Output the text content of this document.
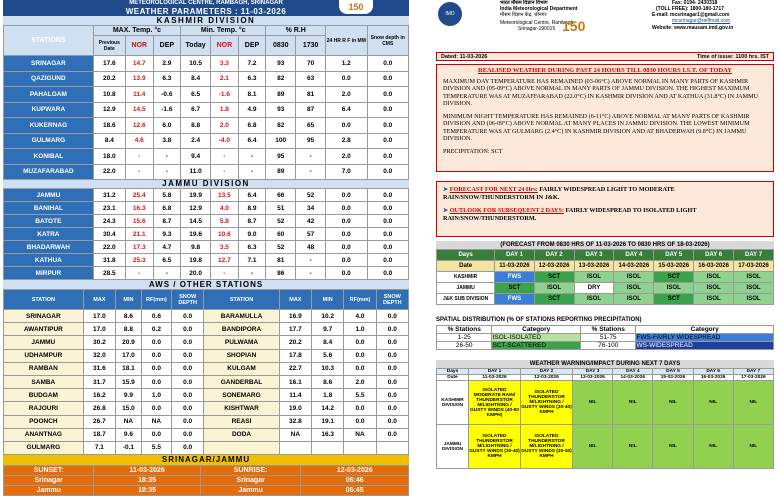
METEOROLOGICAL CENTRE, RAMBAGH, SRINAGAR
WEATHER PARAMETERS : 11-03-2026	150
KASHMIR DIVISION
STATIONS	MAX. Temp. °c			Min. Temp. °c			% R.H		24 HR R F in MM	Snow depth in CMS
	Previous Date	NOR	DEP	Today	NOR	DEP	0830	1730		
SRINAGAR	17.6	14.7	2.9	10.5	3.3	7.2	93	70	1.2	0.0
QAZIGUND	20.2	13.9	6.3	8.4	2.1	6.3	82	63	0.0	0.0
PAHALGAM	10.8	11.4	-0.6	6.5	-1.6	8.1	89	81	2.0	0.0
KUPWARA	12.9	14.5	-1.6	6.7	1.8	4.9	93	87	6.4	0.0
KUKERNAG	18.6	12.6	6.0	8.8	2.0	6.8	82	65	0.0	0.0
GULMARG	8.4	4.6	3.8	2.4	-4.0	6.4	100	95	2.8	0.0
KONIBAL	18.0	-	-	9.4	-	-	95	-	2.0	0.0
MUZAFARABAD	22.0	-	-	11.0	-	-	89	-	7.0	0.0
JAMMU DIVISION
JAMMU	31.2	25.4	5.8	19.9	13.5	6.4	66	52	0.0	0.0
BANIHAL	23.1	16.3	6.8	12.9	4.0	8.9	51	34	0.0	0.0
BATOTE	24.3	15.6	8.7	14.5	5.8	8.7	52	42	0.0	0.0
KATRA	30.4	21.1	9.3	19.6	10.6	9.0	60	57	0.0	0.0
BHADARWAH	22.0	17.3	4.7	9.8	3.5	6.3	52	48	0.0	0.0
KATHUA	31.8	25.3	6.5	19.8	12.7	7.1	81	-	0.0	0.0
MIRPUR	28.5	-	-	20.0	-	-	86	-	0.0	0.0
AWS / OTHER STATIONS
STATION	MAX	MIN	RF(mm)	SNOW DEPTH	STATION	MAX	MIN	RF(mm)	SNOW DEPTH
SRINAGAR	17.0	8.6	0.6	0.0	BARAMULLA	16.9	10.2	4.0	0.0
AWANTIPUR	17.0	8.8	0.2	0.0	BANDIPORA	17.7	9.7	1.0	0.0
JAMMU	30.2	20.9	0.0	0.0	PULWAMA	20.2	8.4	0.0	0.0
UDHAMPUR	32.0	17.0	0.0	0.0	SHOPIAN	17.8	5.6	0.0	0.0
RAMBAN	31.6	18.1	0.0	0.0	KULGAM	22.7	10.3	0.0	0.0
SAMBA	31.7	15.9	0.0	0.0	GANDERBAL	16.1	8.6	2.0	0.0
BUDGAM	16.2	9.9	1.0	0.0	SONEMARG	11.4	1.8	5.5	0.0
RAJOURI	26.8	15.0	0.0	0.0	KISHTWAR	19.0	14.2	0.0	0.0
POONCH	26.7	NA	NA	0.0	REASI	32.8	19.1	0.0	0.0
ANANTNAG	18.7	9.6	0.0	0.0	DODA	NA	16.3	NA	0.0
GULMARG	7.1	-0.1	5.5	0.0					
SRINAGAR/JAMMU
SUNSET:	11-03-2026	SUNRISE:	12-03-2026
Srinagar	18:35	Srinagar	06:46
Jammu	18:35	Jammu	06:45
IMD
भारत मौसम विज्ञान विभाग
India Meteorological Department
मौसम विज्ञान केंद्र, श्रीनगर
Meteorological Centre, Rambagh,
Srinagar-190015 150
Fax: 0194- 2430318
(TOLL FREE): 1800-180-1717
E-mail: mcsrinagar1@gmail.com
mcsrinagar@reiffmail.com
Website: www.mausam.imd.gov.in
Dated: 11-03-2026	Time of issue: 1100 hrs. IST
REALISED WEATHER DURING PAST 24 HOURS TILL 0830 HOURS I.S.T. OF TODAY

MAXIMUM DAY TEMPERATURE HAS REMAINED (03-06°C) ABOVE NORMAL IN MANY PARTS OF KASHMIR DIVISION AND (05-09°C) ABOVE NORMAL IN MANY PARTS OF JAMMU DIVISION. THE HIGHEST MAXIMUM TEMPERATURE WAS AT MUZAFFARABAD (22.0°C) IN KASHMIR DIVISION AND AT KATHUA (31.8°C) IN JAMMU DIVISION.

MINIMUM NIGHT TEMPERATURE HAS REMAINED (6-11°C) ABOVE NORMAL AT MANY PARTS OF KASHMIR DIVISION AND (06-09°C) ABOVE NORMAL AT MANY PLACES IN JAMMU DIVISION. THE LOWEST MINIMUM TEMPERATURE WAS AT GULMARG (2.4°C) IN KASHMIR DIVISION AND AT BHADERWAH (9.8°C) IN JAMMU DIVISION.

PRECIPITATION: SCT

➤ FORECAST FOR NEXT 24 Hrs: FAIRLY WIDESPREAD LIGHT TO MODERATE RAIN/SNOW/THUNDERSTORM IN J&K.

➤ OUTLOOK FOR SUBSEQUENT 2 DAYS: FAIRLY WIDESPREAD TO ISOLATED LIGHT RAIN/SNOW/THUNDERSTORM.

(FORECAST FROM 0830 HRS OF 11-03-2026 TO 0830 HRS OF 18-03-2026)
Days	DAY 1	DAY 2	DAY 3	DAY 4	DAY 5	DAY 6	DAY 7
Date	11-03-2026	12-03-2026	13-03-2026	14-03-2026	15-03-2026	16-03-2026	17-03-2026
KASHMIR	FWS	SCT	ISOL	ISOL	SCT	ISOL	ISOL
JAMMU	SCT	ISOL	DRY	ISOL	ISOL	ISOL	ISOL
J&K SUB DIVISION	FWS	SCT	ISOL	ISOL	SCT	ISOL	ISOL
SPATIAL DISTRIBUTION (% OF STATIONS REPORTING PRECIPITATION)
% Stations	Category	% Stations	Category
1-25	ISOL-ISOLATED	51-75	FWS-FAIRLY WIDESPREAD
26-50	SCT-SCATTERED	76-100	WS-WIDESPREAD
WEATHER WARNING/IMPACT DURING NEXT 7 DAYS
Days	DAY 1	DAY 2	DAY 3	DAY 4	DAY 5	DAY 6	DAY 7
Date	11-03-2026	12-03-2026	13-03-2026	14-03-2026	15-03-2026	16-03-2026	17-03-2026
KASHMIR DIVISION	ISOLATED MODERATE RAIN/ THUNDERSTOR M/LIGHTNING / GUSTY WINDS (40-50 KMPH)	ISOLATED THUNDERSTOR M/LIGHTNING / GUSTY WINDS (30-40) KMPH	NIL	NIL	NIL	NIL	NIL
JAMMU DIVISION	ISOLATED THUNDERSTOR M/LIGHTNING / GUSTY WINDS (30-40) KMPH	ISOLATED THUNDERSTOR M/LIGHTNING / GUSTY WINDS (30-40) KMPH	NIL	NIL	NIL	NIL	NIL
